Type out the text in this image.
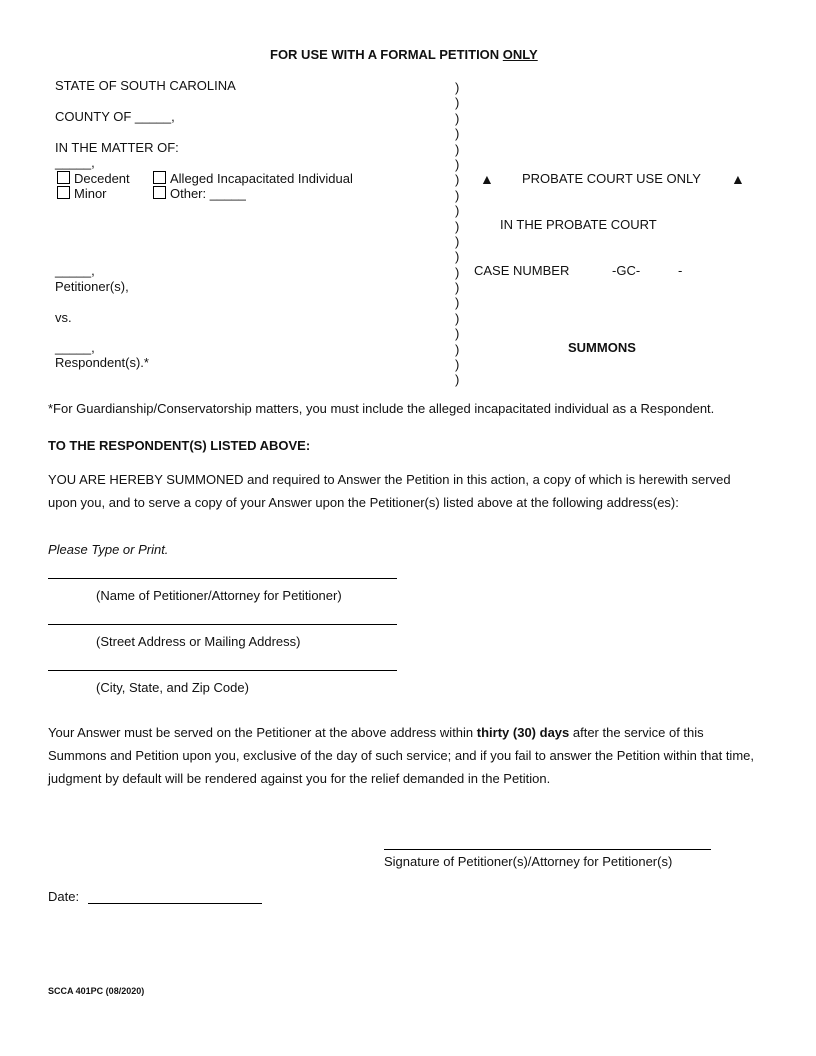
FOR USE WITH A FORMAL PETITION ONLY
STATE OF SOUTH CAROLINA
COUNTY OF _____,
IN THE MATTER OF:
_____,
Decedent	Alleged Incapacitated Individual
Minor	Other: _____
_____,
Petitioner(s),
vs.
_____,
Respondent(s).*
)
)
)
)
)
)
)
)
)
)
)
)
)
)
)
)
)
)
)
)
▲ PROBATE COURT USE ONLY ▲
IN THE PROBATE COURT
CASE NUMBER	-GC-	-
SUMMONS
*For Guardianship/Conservatorship matters, you must include the alleged incapacitated individual as a Respondent.
TO THE RESPONDENT(S) LISTED ABOVE:
YOU ARE HEREBY SUMMONED and required to Answer the Petition in this action, a copy of which is herewith served upon you, and to serve a copy of your Answer upon the Petitioner(s) listed above at the following address(es):
Please Type or Print.
(Name of Petitioner/Attorney for Petitioner)
(Street Address or Mailing Address)
(City, State, and Zip Code)
Your Answer must be served on the Petitioner at the above address within thirty (30) days after the service of this Summons and Petition upon you, exclusive of the day of such service; and if you fail to answer the Petition within that time, judgment by default will be rendered against you for the relief demanded in the Petition.
Signature of Petitioner(s)/Attorney for Petitioner(s)
Date:
SCCA 401PC (08/2020)
